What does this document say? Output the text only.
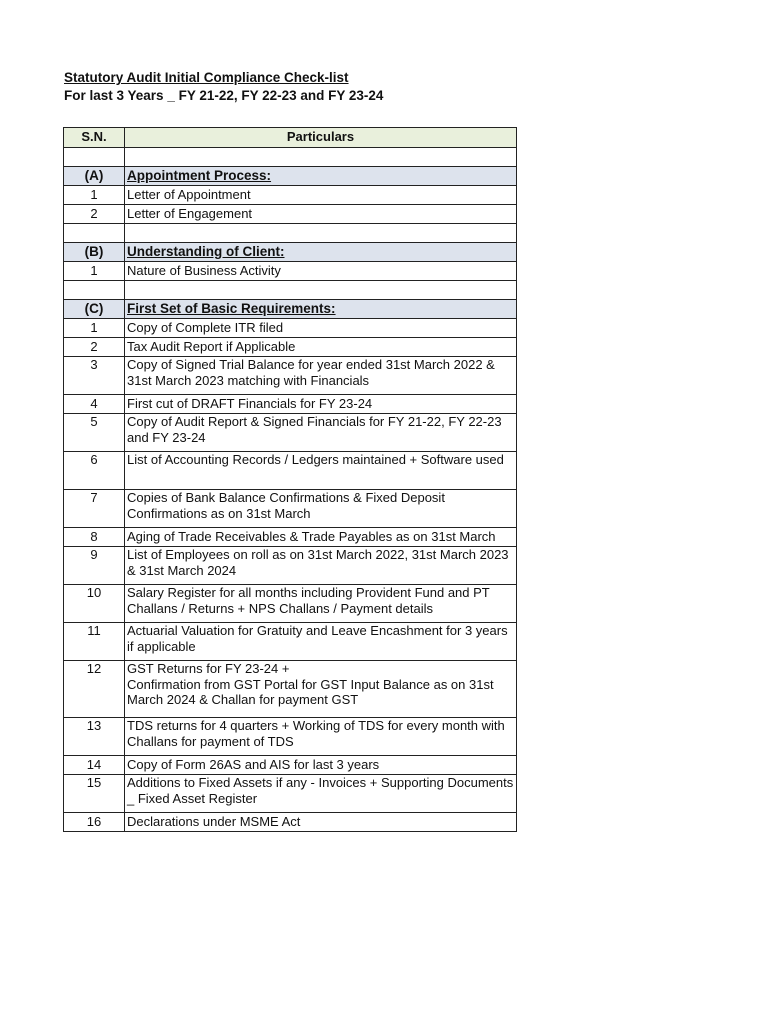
Statutory Audit Initial Compliance Check-list
For last 3 Years _ FY 21-22, FY 22-23 and FY 23-24
S.N.	Particulars

(A)	Appointment Process:
1	Letter of Appointment
2	Letter of Engagement

(B)	Understanding of Client:
1	Nature of Business Activity

(C)	First Set of Basic Requirements:
1	Copy of Complete ITR filed
2	Tax Audit Report if Applicable
3	Copy of Signed Trial Balance for year ended 31st March 2022 & 31st March 2023 matching with Financials
4	First cut of DRAFT Financials for FY 23-24
5	Copy of Audit Report & Signed Financials for FY 21-22, FY 22-23 and FY 23-24
6	List of Accounting Records / Ledgers maintained + Software used
7	Copies of Bank Balance Confirmations & Fixed Deposit Confirmations as on 31st March
8	Aging of Trade Receivables & Trade Payables as on 31st March
9	List of Employees on roll as on 31st March 2022, 31st March 2023 & 31st March 2024
10	Salary Register for all months including Provident Fund and PT Challans / Returns + NPS Challans / Payment details
11	Actuarial Valuation for Gratuity and Leave Encashment for 3 years if applicable
12	GST Returns for FY 23-24 +
Confirmation from GST Portal for GST Input Balance as on 31st March 2024 & Challan for payment GST
13	TDS returns for 4 quarters + Working of TDS for every month with Challans for payment of TDS
14	Copy of Form 26AS and AIS for last 3 years
15	Additions to Fixed Assets if any - Invoices + Supporting Documents _ Fixed Asset Register
16	Declarations under MSME Act
